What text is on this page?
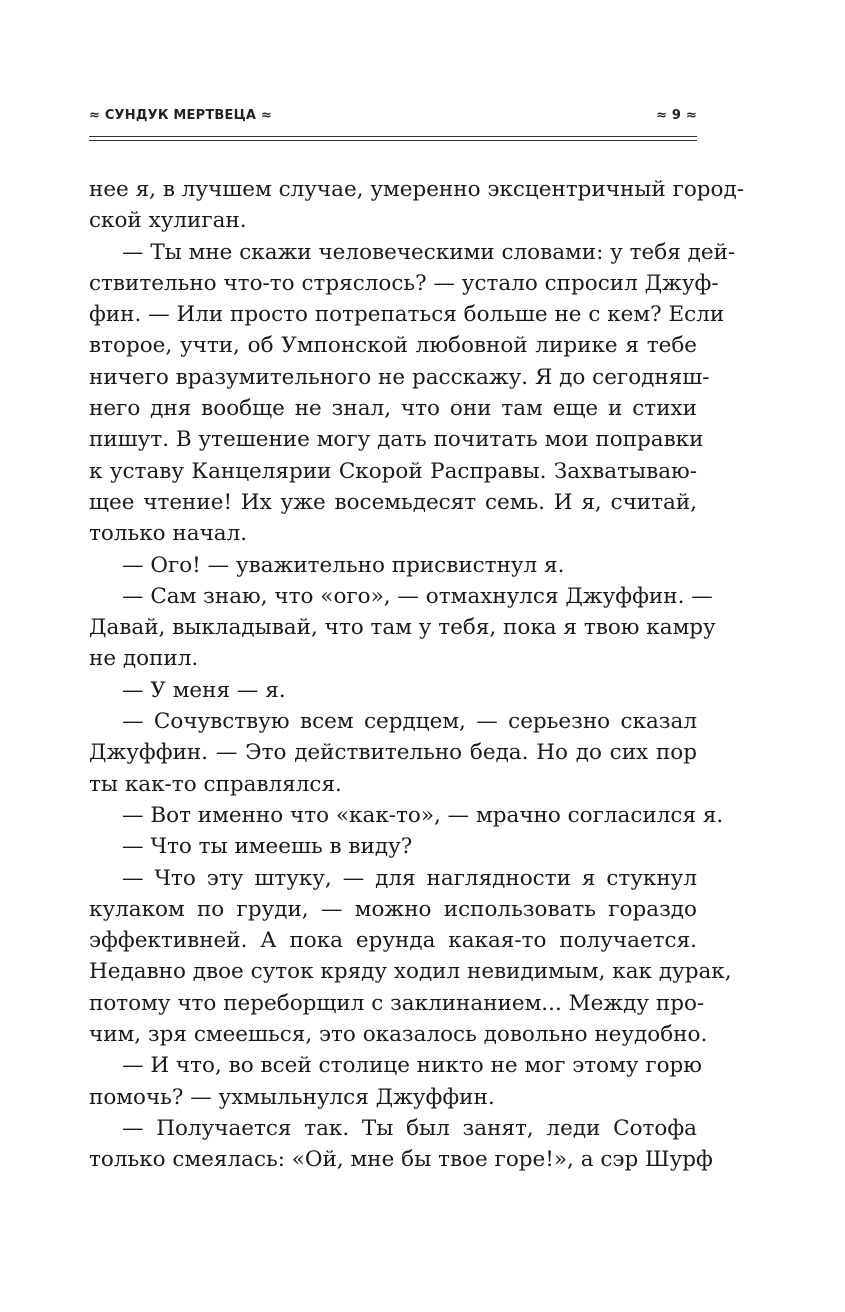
≈ СУНДУК МЕРТВЕЦА ≈	≈ 9 ≈
нее я, в лучшем случае, умеренно эксцентричный город-
ской хулиган.
— Ты мне скажи человеческими словами: у тебя дей-
ствительно что-то стряслось? — устало спросил Джуф-
фин. — Или просто потрепаться больше не с кем? Если
второе, учти, об Умпонской любовной лирике я тебе
ничего вразумительного не расскажу. Я до сегодняш-
него дня вообще не знал, что они там еще и стихи
пишут. В утешение могу дать почитать мои поправки
к уставу Канцелярии Скорой Расправы. Захватываю-
щее чтение! Их уже восемьдесят семь. И я, считай,
только начал.
— Ого! — уважительно присвистнул я.
— Сам знаю, что «ого», — отмахнулся Джуффин. —
Давай, выкладывай, что там у тебя, пока я твою камру
не допил.
— У меня — я.
— Сочувствую всем сердцем, — серьезно сказал
Джуффин. — Это действительно беда. Но до сих пор
ты как-то справлялся.
— Вот именно что «как-то», — мрачно согласился я.
— Что ты имеешь в виду?
— Что эту штуку, — для наглядности я стукнул
кулаком по груди, — можно использовать гораздо
эффективней. А пока ерунда какая-то получается.
Недавно двое суток кряду ходил невидимым, как дурак,
потому что переборщил с заклинанием... Между про-
чим, зря смеешься, это оказалось довольно неудобно.
— И что, во всей столице никто не мог этому горю
помочь? — ухмыльнулся Джуффин.
— Получается так. Ты был занят, леди Сотофа
только смеялась: «Ой, мне бы твое горе!», а сэр Шурф
